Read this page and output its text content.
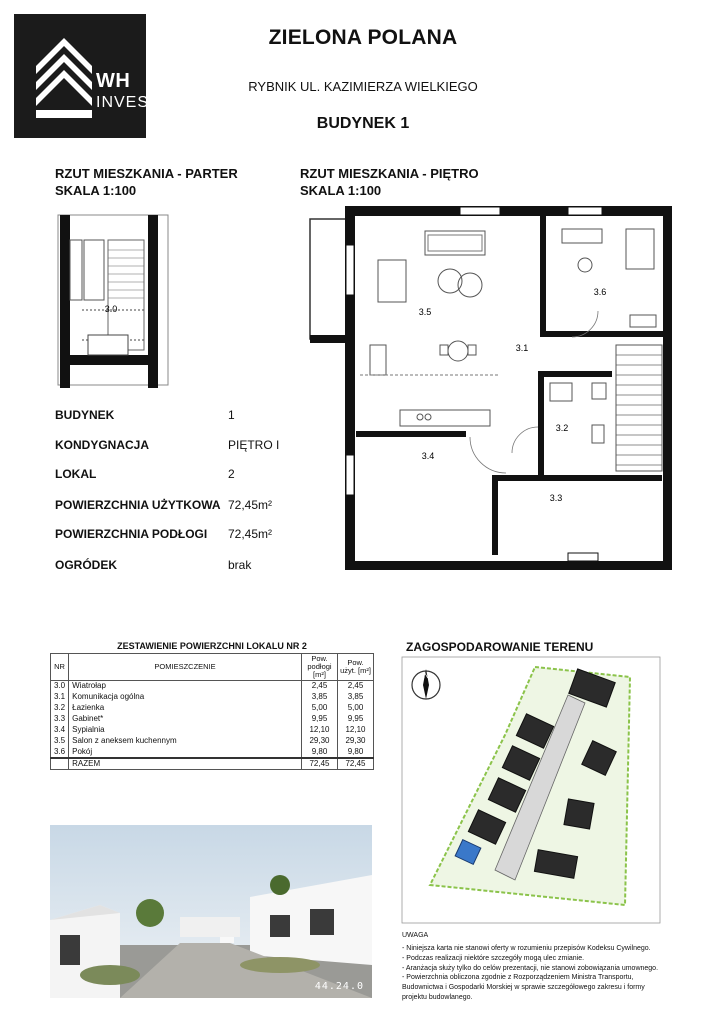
WH
INVEST
ZIELONA POLANA
RYBNIK UL. KAZIMIERZA WIELKIEGO
BUDYNEK 1
RZUT MIESZKANIA - PARTER
SKALA 1:100
RZUT MIESZKANIA - PIĘTRO
SKALA 1:100
3.0	3.5
3.6
3.1
3.2
3.4
3.3
BUDYNEK	1
KONDYGNACJA	PIĘTRO I
LOKAL	2
POWIERZCHNIA UŻYTKOWA 72,45m²
POWIERZCHNIA PODŁOGI 72,45m²
OGRÓDEK	brak
ZESTAWIENIE POWIERZCHNI LOKALU NR 2
NR	POMIESZCZENIE	Pow. podłogi [m²]	Pow. użyt. [m²]
3.0	Wiatrołap	2,45	2,45
3.1	Komunikacja ogólna	3,85	3,85
3.2	Łazienka	5,00	5,00
3.3	Gabinet*	9,95	9,95
3.4	Sypialnia	12,10	12,10
3.5	Salon z aneksem kuchennym	29,30	29,30
3.6	Pokój	9,80	9,80
	RAZEM	72,45	72,45
ZAGOSPODAROWANIE TERENU
N
UWAGA
- Niniejsza karta nie stanowi oferty w rozumieniu przepisów Kodeksu Cywilnego.
- Podczas realizacji niektóre szczegóły mogą ulec zmianie.
- Aranżacja służy tylko do celów prezentacji, nie stanowi zobowiązania umownego.
- Powierzchnia obliczona zgodnie z Rozporządzeniem Ministra Transportu, Budownictwa i Gospodarki Morskiej w sprawie szczegółowego zakresu i formy projektu budowlanego.
44.24.0
